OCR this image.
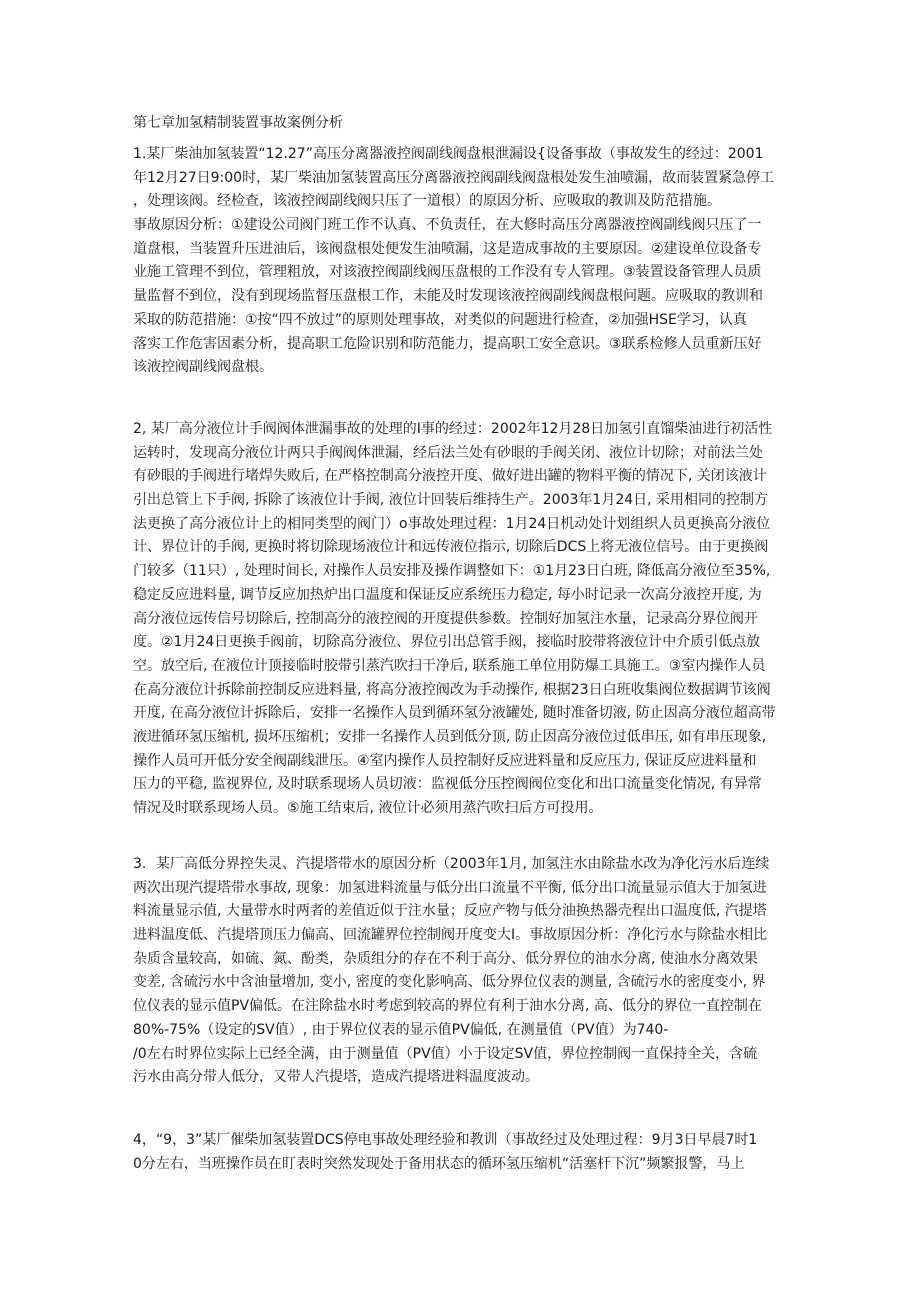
第七章加氢精制装置事故案例分析
1.某厂柴油加氢装置“12.27”高压分离器液控阀副线阀盘根泄漏设{设备事故（事故发生的经过：2001
年12月27日9:00时，某厂柴油加氢装置高压分离器液控阀副线阀盘根处发生油喷漏，故而装置紧急停工
，处理该阀。经检查，该液控阀副线阀只压了一道根）的原因分析、应吸取的教训及防范措施。
事故原因分析：①建设公司阀门班工作不认真、不负责任，在大修时高压分离器液控阀副线阀只压了一
道盘根，当装置升压进油后，该阀盘根处便发生油喷漏，这是造成事故的主要原因。②建设单位设备专
业施工管理不到位，管理粗放，对该液控阀副线阀压盘根的工作没有专人管理。③装置设备管理人员质
量监督不到位，没有到现场监督压盘根工作，未能及时发现该液控阀副线阀盘根问题。应吸取的教训和
采取的防范措施：①按“四不放过”的原则处理事故，对类似的问题进行检查，②加强HSE学习，认真
落实工作危害因素分析，提高职工危险识别和防范能力，提高职工安全意识。③联系检修人员重新压好
该液控阀副线阀盘根。
2, 某厂高分液位计手阀阀体泄漏事故的处理的I事的经过：2002年12月28日加氢引直馏柴油进行初活性
运转时，发现高分液位计两只手阀阀体泄漏，经后法兰处有砂眼的手阀关闭、液位计切除；对前法兰处
有砂眼的手阀进行堵焊失败后, 在严格控制高分液控开度、做好进出罐的物料平衡的情况下, 关闭该液计
引出总管上下手阀, 拆除了该液位计手阀, 液位计回装后维持生产。2003年1月24日, 采用相同的控制方
法更换了高分液位计上的相同类型的阀门）o事故处理过程：1月24日机动处计划组织人员更换高分液位
计、界位计的手阀, 更换时将切除现场液位计和远传液位指示, 切除后DCS上将无液位信号。由于更换阀
门较多（11只）, 处理时间长, 对操作人员安排及操作调整如下：①1月23日白班, 降低高分液位至35%,
稳定反应进料量, 调节反应加热炉出口温度和保证反应系统压力稳定, 每小时记录一次高分液控开度, 为
高分液位远传信号切除后, 控制高分的液控阀的开度提供参数。控制好加氢注水量，记录高分界位阀开
度。②1月24日更换手阀前，切除高分液位、界位引出总管手阀，接临时胶带将液位计中介质引低点放
空。放空后, 在液位计顶接临时胶带引蒸汽吹扫干净后, 联系施工单位用防爆工具施工。③室内操作人员
在高分液位计拆除前控制反应进料量, 将高分液控阀改为手动操作, 根据23日白班收集阀位数据调节该阀
开度, 在高分液位计拆除后，安排一名操作人员到循环氢分液罐处, 随时准备切液, 防止因高分液位超高带
液进循环氢压缩机, 损坏压缩机；安排一名操作人员到低分顶, 防止因高分液位过低串压, 如有串压现象,
操作人员可开低分安全阀副线泄压。④室内操作人员控制好反应进料量和反应压力, 保证反应进料量和
压力的平稳, 监视界位, 及时联系现场人员切液：监视低分压控阀阀位变化和出口流量变化情况, 有异常
情况及时联系现场人员。⑤施工结束后, 液位计必须用蒸汽吹扫后方可投用。
3．某厂高低分界控失灵、汽提塔带水的原因分析（2003年1月, 加氢注水由除盐水改为净化污水后连续
两次出现汽提塔带水事故, 现象：加氢进料流量与低分出口流量不平衡, 低分出口流量显示值大于加氢进
料流量显示值, 大量带水时两者的差值近似于注水量；反应产物与低分油换热器壳程出口温度低, 汽提塔
进料温度低、汽提塔顶压力偏高、回流罐界位控制阀开度变大I。事故原因分析：净化污水与除盐水相比
杂质含量较高，如硫、氮、酚类，杂质组分的存在不利于高分、低分界位的油水分离, 使油水分离效果
变差, 含硫污水中含油量增加, 变小, 密度的变化影响高、低分界位仪表的测量, 含硫污水的密度变小, 界
位仪表的显示值PV偏低。在注除盐水时考虑到较高的界位有利于油水分离, 高、低分的界位一直控制在
80%-75%（设定的SV值）, 由于界位仪表的显示值PV偏低, 在测量值（PV值）为740-
/0左右时界位实际上已经全满，由于测量值（PV值）小于设定SV值，界位控制阀一直保持全关，含硫
污水由高分带人低分，又带人汽提塔，造成汽提塔进料温度波动。
4，“9，3”某厂催柴加氢装置DCS停电事故处理经验和教训（事故经过及处理过程：9月3日早晨7时1
0分左右，当班操作员在盯表时突然发现处于备用状态的循环氢压缩机“活塞杆下沉”频繁报警，马上
